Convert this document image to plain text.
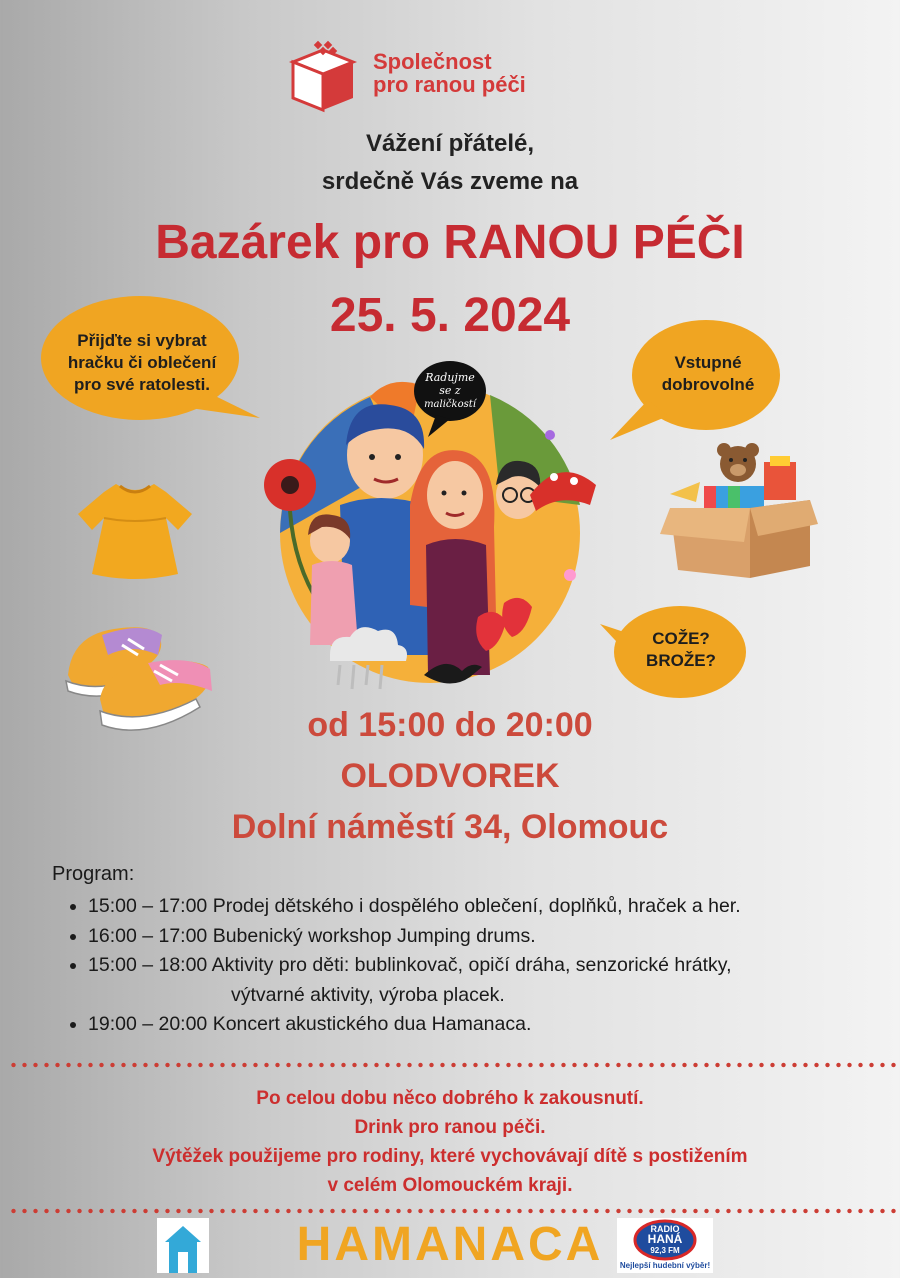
Společnost
pro ranou péči
Vážení přátelé,
srdečně Vás zveme na
Bazárek pro RANOU PÉČI
25. 5. 2024
Přijďte si vybrat
hračku či oblečení
pro své ratolesti.
Vstupné
dobrovolné
COŽE?
BROŽE?
Radujme
se z
maličkostí
od 15:00 do 20:00
OLODVOREK
Dolní náměstí 34, Olomouc
Program:
• 15:00 – 17:00 Prodej dětského i dospělého oblečení, doplňků, hraček a her.
• 16:00 – 17:00 Bubenický workshop Jumping drums.
• 15:00 – 18:00 Aktivity pro děti: bublinkovač, opičí dráha, senzorické hrátky,
výtvarné aktivity, výroba placek.
• 19:00 – 20:00 Koncert akustického dua Hamanaca.
Po celou dobu něco dobrého k zakousnutí.
Drink pro ranou péči.
Výtěžek použijeme pro rodiny, které vychovávají dítě s postižením
v celém Olomouckém kraji.
HAMANACA	RADIO
HANÁ
92,3 FM
Nejlepší hudební výběr!
